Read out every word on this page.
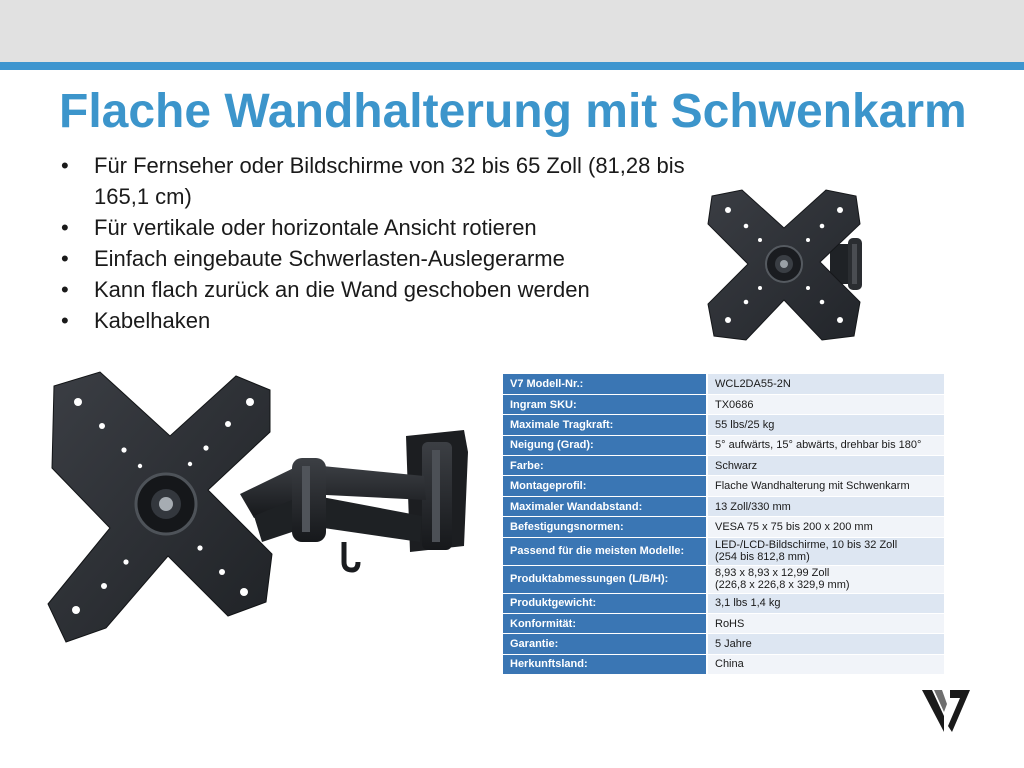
Flache Wandhalterung mit Schwenkarm
• Für Fernseher oder Bildschirme von 32 bis 65 Zoll (81,28 bis 165,1 cm)
• Für vertikale oder horizontale Ansicht rotieren
• Einfach eingebaute Schwerlasten-Auslegerarme
• Kann flach zurück an die Wand geschoben werden
• Kabelhaken
V7 Modell-Nr.:	WCL2DA55-2N
Ingram SKU:	TX0686
Maximale Tragkraft:	55 lbs/25 kg
Neigung (Grad):	5° aufwärts, 15° abwärts, drehbar bis 180°
Farbe:	Schwarz
Montageprofil:	Flache Wandhalterung mit Schwenkarm
Maximaler Wandabstand:	13 Zoll/330 mm
Befestigungsnormen:	VESA 75 x 75 bis 200 x 200 mm
Passend für die meisten Modelle:	LED-/LCD-Bildschirme, 10 bis 32 Zoll
(254 bis 812,8 mm)
Produktabmessungen (L/B/H):	8,93 x 8,93 x 12,99 Zoll
(226,8 x 226,8 x 329,9 mm)
Produktgewicht:	3,1 lbs 1,4 kg
Konformität:	RoHS
Garantie:	5 Jahre
Herkunftsland:	China
